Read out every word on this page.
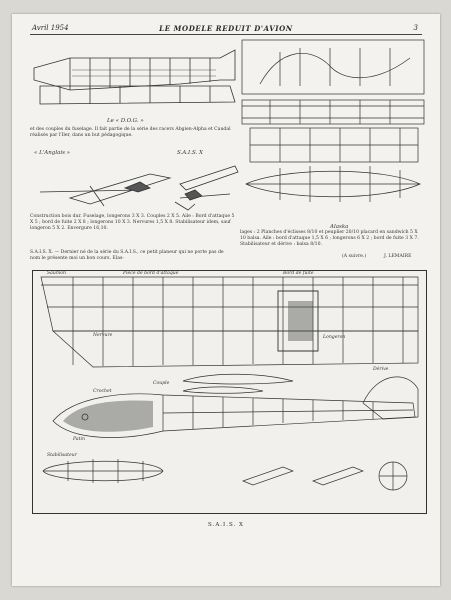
Avril 1954	LE MODELE REDUIT D'AVION	3
Le « D.O.G. »
et des couples du fuselage. Il fait partie de la série des racers Abgien-Alpha et Caudal réalisés par l'Iler, dans un but pédagogique.
« L'Anglais »	S.A.I.S. X
Construction bois dur. Fuselage, longerons 3 X 3. Couples 2 X 5. Aile : Bord d'attaque 5 X 5 ; bord de fuite 2 X 8 ; longerons 10 X 3. Nervures 1,5 X 8. Stabilisateur idem, sauf longeron 5 X 2. Envergure 16,10.
S.A.I.S. X. — Dernier né de la série du S.A.I.S., ce petit planeur qui ne porte pas de nom le présente moi un bon cours. Elas-
Alaska
lages : 2 Planches d'éclisses 8/10 et peuplier 20/10 placard en sandwich 5 X 10 balsa. Aile : bord d'attaque 1,5 X 6 ; longerons 6 X 2 ; bord de fuite 3 X 7. Stabilisateur et dérive : balsa 8/10.
(A suivre.)	J. LEMAIRE
Saumon	Pièce de bord d'attaque	Bord de fuite
Nervure	Longeron
Couple
Patin
Crochet
Stabilisateur
Dérive
S.A.I.S. X
